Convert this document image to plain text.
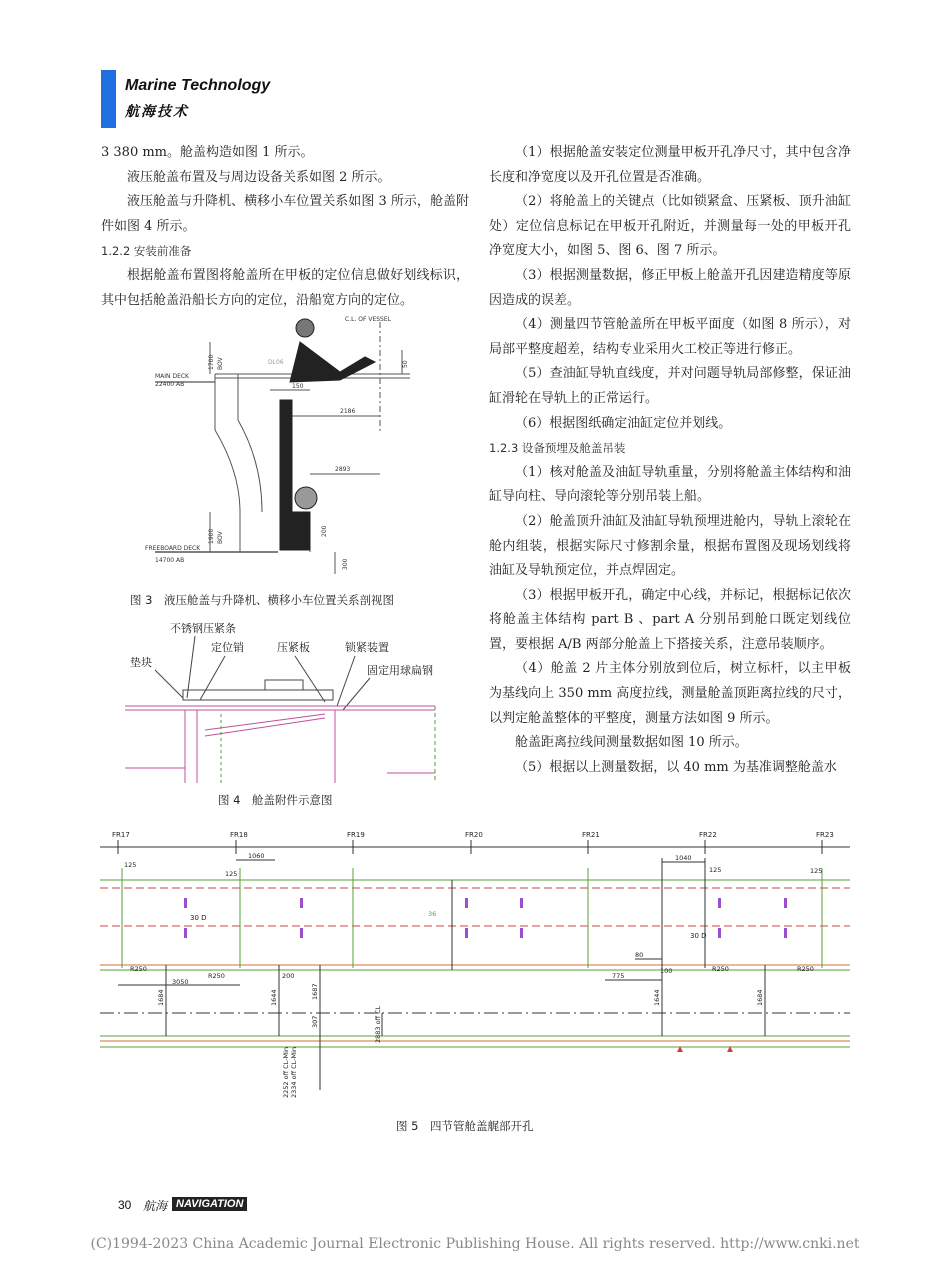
Marine Technology
航海技术

3 380 mm。舱盖构造如图 1 所示。

液压舱盖布置及与周边设备关系如图 2 所示。

液压舱盖与升降机、横移小车位置关系如图 3 所示，舱盖附件如图 4 所示。

1.2.2 安装前准备

根据舱盖布置图将舱盖所在甲板的定位信息做好划线标识，其中包括舱盖沿船长方向的定位，沿船宽方向的定位。

C.L. OF VESSEL
MAIN DECK
22400 AB
FREEBOARD DECK
14700 AB
1700 BOV
1900 BOV
150
2186
2893
200
300
50
DL06
图 3　液压舱盖与升降机、横移小车位置关系剖视图
不锈钢压紧条
定位销	压紧板	锁紧装置
垫块
固定用球扁钢
图 4　舱盖附件示意图

（1）根据舱盖安装定位测量甲板开孔净尺寸，其中包含净长度和净宽度以及开孔位置是否准确。

（2）将舱盖上的关键点（比如锁紧盒、压紧板、顶升油缸处）定位信息标记在甲板开孔附近，并测量每一处的甲板开孔净宽度大小，如图 5、图 6、图 7 所示。

（3）根据测量数据，修正甲板上舱盖开孔因建造精度等原因造成的误差。

（4）测量四节管舱盖所在甲板平面度（如图 8 所示），对局部平整度超差，结构专业采用火工校正等进行修正。

（5）查油缸导轨直线度，并对问题导轨局部修整，保证油缸滑轮在导轨上的正常运行。

（6）根据图纸确定油缸定位并划线。

1.2.3 设备预埋及舱盖吊装

（1）核对舱盖及油缸导轨重量，分别将舱盖主体结构和油缸导向柱、导向滚轮等分别吊装上船。

（2）舱盖顶升油缸及油缸导轨预埋进舱内，导轨上滚轮在舱内组装，根据实际尺寸修割余量，根据布置图及现场划线将油缸及导轨预定位，并点焊固定。

（3）根据甲板开孔，确定中心线，并标记，根据标记依次将舱盖主体结构 part B 、part A 分别吊到舱口既定划线位置，要根据 A/B 两部分舱盖上下搭接关系，注意吊装顺序。

（4）舱盖 2 片主体分别放到位后，树立标杆，以主甲板为基线向上 350 mm 高度拉线，测量舱盖顶距离拉线的尺寸，以判定舱盖整体的平整度，测量方法如图 9 所示。

舱盖距离拉线间测量数据如图 10 所示。

（5）根据以上测量数据，以 40 mm 为基准调整舱盖水

FR17	FR18	FR19	FR20	FR21	FR22	FR23
125
1060
125
1040
125	125
R250
R250
R250	R250
3050
200
80
775
100
1684	1644	1687
307	2883 off CL
1644	1684
2252 off CL-Min 2334 off CL-Min
30 D
30 D
36
图 5　四节管舱盖艉部开孔
30 航海 NAVIGATION
(C)1994-2023 China Academic Journal Electronic Publishing House. All rights reserved. http://www.cnki.net
